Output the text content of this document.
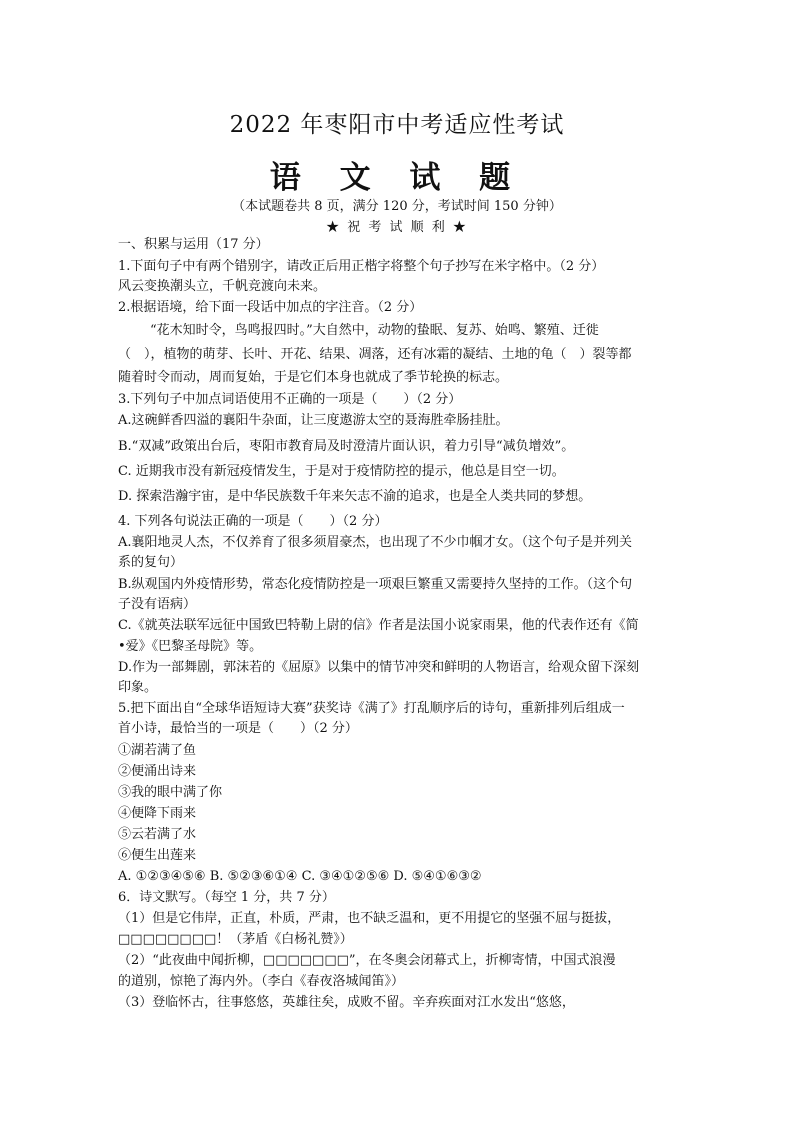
2022 年枣阳市中考适应性考试
语 文 试 题
（本试题卷共 8 页，满分 120 分，考试时间 150 分钟）
★ 祝 考 试 顺 利 ★
一、积累与运用（17 分）
1.下面句子中有两个错别字，请改正后用正楷字将整个句子抄写在米字格中。（2 分）
风云变换潮头立，千帆竞渡向未来。
2.根据语境，给下面一段话中加点的字注音。（2 分）
“花木知时令，鸟鸣报四时。”大自然中，动物的蛰眠、复苏、始鸣、繁殖、迁徙
（　），植物的萌芽、长叶、开花、结果、凋落，还有冰霜的凝结、土地的龟（　）裂等都
随着时令而动，周而复始，于是它们本身也就成了季节轮换的标志。
3.下列句子中加点词语使用不正确的一项是（　　）（2 分）
A.这碗鲜香四溢的襄阳牛杂面，让三度遨游太空的聂海胜牵肠挂肚。
B.“双减”政策出台后，枣阳市教育局及时澄清片面认识，着力引导“减负增效”。
C. 近期我市没有新冠疫情发生，于是对于疫情防控的提示，他总是目空一切。
D. 探索浩瀚宇宙，是中华民族数千年来矢志不渝的追求，也是全人类共同的梦想。
4. 下列各句说法正确的一项是（　　）（2 分）
A.襄阳地灵人杰，不仅养育了很多须眉豪杰，也出现了不少巾帼才女。（这个句子是并列关
系的复句）
B.纵观国内外疫情形势，常态化疫情防控是一项艰巨繁重又需要持久坚持的工作。（这个句
子没有语病）
C.《就英法联军远征中国致巴特勒上尉的信》作者是法国小说家雨果，他的代表作还有《简
•爱》《巴黎圣母院》等。
D.作为一部舞剧，郭沫若的《屈原》以集中的情节冲突和鲜明的人物语言，给观众留下深刻
印象。
5.把下面出自“全球华语短诗大赛”获奖诗《满了》打乱顺序后的诗句，重新排列后组成一
首小诗，最恰当的一项是（　　）（2 分）
①湖若满了鱼
②便涌出诗来
③我的眼中满了你
④便降下雨来
⑤云若满了水
⑥便生出莲来
A. ①②③④⑤⑥ B. ⑤②③⑥①④ C. ③④①②⑤⑥ D. ⑤④①⑥③②
6．诗文默写。（每空 1 分，共 7 分）
（1）但是它伟岸，正直，朴质，严肃，也不缺乏温和，更不用提它的坚强不屈与挺拔，
□□□□□□□□！（茅盾《白杨礼赞》）
（2）“此夜曲中闻折柳，□□□□□□□”，在冬奥会闭幕式上，折柳寄情，中国式浪漫
的道别，惊艳了海内外。（李白《春夜洛城闻笛》）
（3）登临怀古，往事悠悠，英雄往矣，成败不留。辛弃疾面对江水发出“悠悠，
